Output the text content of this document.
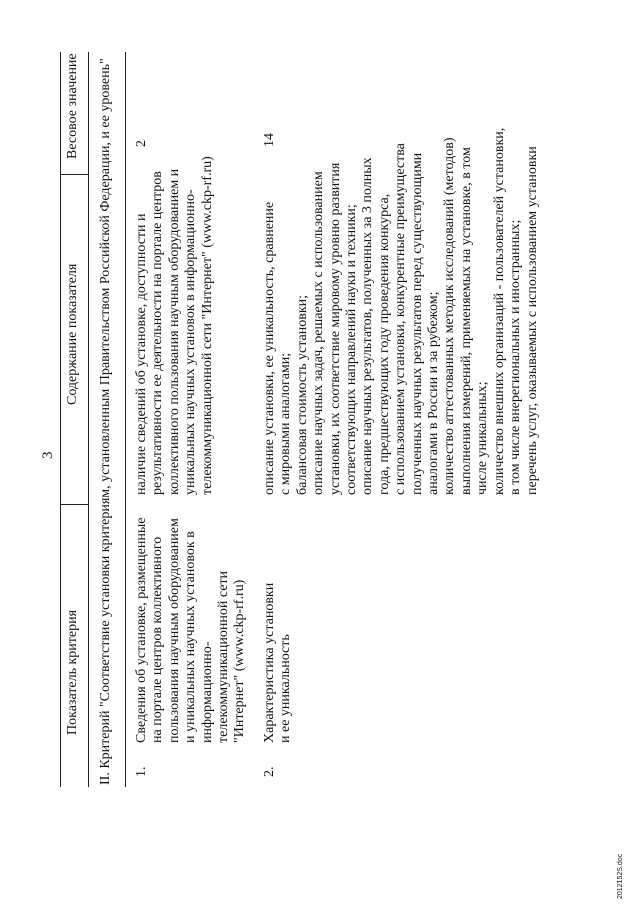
3
Показатель критерия
Содержание показателя
Весовое значение II. Критерий "Соответствие установки критериям, установленным Правительством Российской Федерации, и ее уровень" 1.
Сведения об установке, размещенные на портале центров коллективного пользования научным оборудованием и уникальных научных установок в информационно- телекоммуникационной сети "Интернет" (www.ckp-rf.ru)
наличие сведений об установке, доступности и результативности ее деятельности на портале центров коллективного пользования научным оборудованием и уникальных научных установок в информационно- телекоммуникационной сети "Интернет" (www.ckp-rf.ru)
2
2.
Характеристика установки и ее уникальность
описание установки, ее уникальность, сравнение с мировыми аналогами; балансовая стоимость установки; описание научных задач, решаемых с использованием установки, их соответствие мировому уровню развития соответствующих направлений науки и техники; описание научных результатов, полученных за 3 полных года, предшествующих году проведения конкурса, с использованием установки, конкурентные преимущества полученных научных результатов перед существующими аналогами в России и за рубежом; количество аттестованных методик исследований (методов) выполнения измерений, применяемых на установке, в том числе уникальных; количество внешних организаций - пользователей установки, в том числе внерегиональных и иностранных; перечень услуг, оказываемых с использованием установки
14
2012152S.doc
